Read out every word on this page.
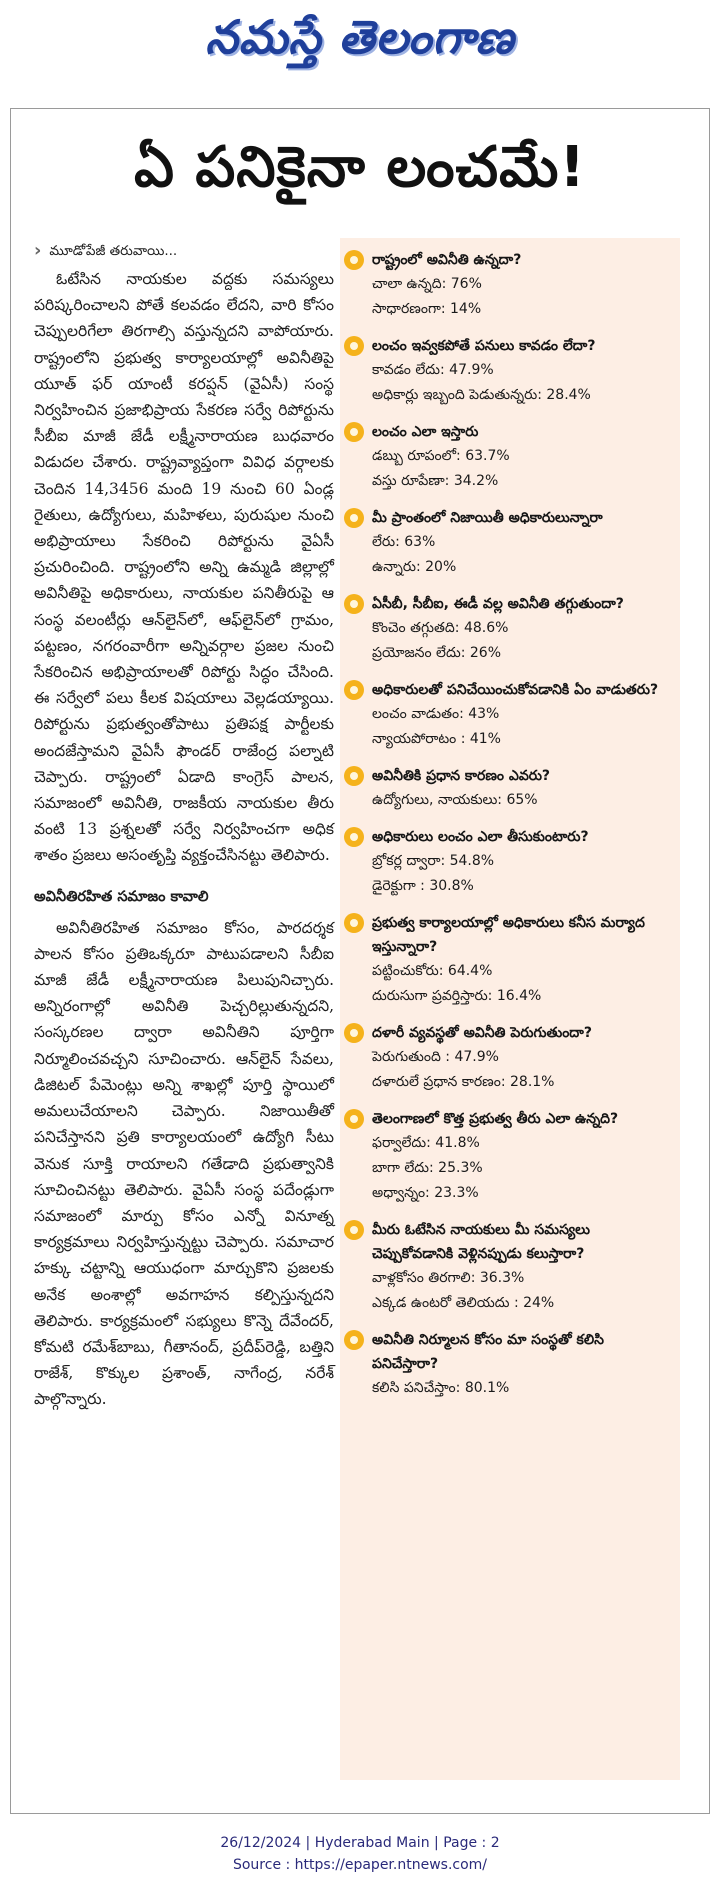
నమస్తే తెలంగాణ
ఏ పనికైనా లంచమే!
› మూడోపేజీ తరువాయి...

ఓటేసిన నాయకుల వద్దకు సమస్యలు పరిష్కరించాలని పోతే కలవడం లేదని, వారి కోసం చెప్పులరిగేలా తిరగాల్సి వస్తున్నదని వాపోయారు. రాష్ట్రంలోని ప్రభుత్వ కార్యాలయాల్లో అవినీతిపై యూత్ ఫర్ యాంటీ కరప్షన్ (వైఏసీ) సంస్థ నిర్వహించిన ప్రజాభిప్రాయ సేకరణ సర్వే రిపోర్టును సీబీఐ మాజీ జేడీ లక్ష్మీనారాయణ బుధవారం విడుదల చేశారు. రాష్ట్రవ్యాప్తంగా వివిధ వర్గాలకు చెందిన 14,3456 మంది 19 నుంచి 60 ఏండ్ల రైతులు, ఉద్యోగులు, మహిళలు, పురుషుల నుంచి అభిప్రాయాలు సేకరించి రిపోర్టును వైఏసీ ప్రచురించింది. రాష్ట్రంలోని అన్ని ఉమ్మడి జిల్లాల్లో అవినీతిపై అధికారులు, నాయకుల పనితీరుపై ఆ సంస్థ వలంటీర్లు ఆన్‌లైన్‌లో, ఆఫ్‌లైన్‌లో గ్రామం, పట్టణం, నగరంవారీగా అన్నివర్గాల ప్రజల నుంచి సేకరించిన అభిప్రాయాలతో రిపోర్టు సిద్ధం చేసింది. ఈ సర్వేలో పలు కీలక విషయాలు వెల్లడయ్యాయి. రిపోర్టును ప్రభుత్వంతోపాటు ప్రతిపక్ష పార్టీలకు అందజేస్తామని వైఏసీ ఫౌండర్ రాజేంద్ర పల్నాటి చెప్పారు. రాష్ట్రంలో ఏడాది కాంగ్రెస్ పాలన, సమాజంలో అవినీతి, రాజకీయ నాయకుల తీరు వంటి 13 ప్రశ్నలతో సర్వే నిర్వహించగా అధిక శాతం ప్రజలు అసంతృప్తి వ్యక్తంచేసినట్టు తెలిపారు.

అవినీతిరహిత సమాజం కావాలి

అవినీతిరహిత సమాజం కోసం, పారదర్శక పాలన కోసం ప్రతిఒక్కరూ పాటుపడాలని సీబీఐ మాజీ జేడీ లక్ష్మీనారాయణ పిలుపునిచ్చారు. అన్నిరంగాల్లో అవినీతి పెచ్చరిల్లుతున్నదని, సంస్కరణల ద్వారా అవినీతిని పూర్తిగా నిర్మూలించవచ్చని సూచించారు. ఆన్‌లైన్ సేవలు, డిజిటల్ పేమెంట్లు అన్ని శాఖల్లో పూర్తి స్థాయిలో అమలుచేయాలని చెప్పారు. నిజాయితీతో పనిచేస్తానని ప్రతి కార్యాలయంలో ఉద్యోగి సీటు వెనుక సూక్తి రాయాలని గతేడాది ప్రభుత్వానికి సూచించినట్టు తెలిపారు. వైఏసీ సంస్థ పదేండ్లుగా సమాజంలో మార్పు కోసం ఎన్నో వినూత్న కార్యక్రమాలు నిర్వహిస్తున్నట్టు చెప్పారు. సమాచార హక్కు చట్టాన్ని ఆయుధంగా మార్చుకొని ప్రజలకు అనేక అంశాల్లో అవగాహన కల్పిస్తున్నదని తెలిపారు. కార్యక్రమంలో సభ్యులు కొన్నె దేవేందర్, కోమటి రమేశ్‌బాబు, గీతానంద్, ప్రదీప్‌రెడ్డి, బత్తిని రాజేశ్, కొక్కుల ప్రశాంత్, నాగేంద్ర, నరేశ్ పాల్గొన్నారు.

రాష్ట్రంలో అవినీతి ఉన్నదా?
చాలా ఉన్నది: 76%
సాధారణంగా: 14%
లంచం ఇవ్వకపోతే పనులు కావడం లేదా?
కావడం లేదు: 47.9%
అధికార్లు ఇబ్బంది పెడుతున్నరు: 28.4%
లంచం ఎలా ఇస్తారు
డబ్బు రూపంలో: 63.7%
వస్తు రూపేణా: 34.2%
మీ ప్రాంతంలో నిజాయితీ అధికారులున్నారా
లేరు: 63%
ఉన్నారు: 20%
ఏసీబీ, సీబీఐ, ఈడీ వల్ల అవినీతి తగ్గుతుందా?
కొంచెం తగ్గుతది: 48.6%
ప్రయోజనం లేదు: 26%
అధికారులతో పనిచేయించుకోవడానికి ఏం వాడుతరు?
లంచం వాడుతం: 43%
న్యాయపోరాటం : 41%
అవినీతికి ప్రధాన కారణం ఎవరు?
ఉద్యోగులు, నాయకులు: 65%
అధికారులు లంచం ఎలా తీసుకుంటారు?
బ్రోకర్ల ద్వారా: 54.8%
డైరెక్టుగా : 30.8%
ప్రభుత్వ కార్యాలయాల్లో అధికారులు కనీస మర్యాద ఇస్తున్నారా?
పట్టించుకోరు: 64.4%
దురుసుగా ప్రవర్తిస్తారు: 16.4%
దళారీ వ్యవస్థతో అవినీతి పెరుగుతుందా?
పెరుగుతుంది : 47.9%
దళారులే ప్రధాన కారణం: 28.1%
తెలంగాణలో కొత్త ప్రభుత్వ తీరు ఎలా ఉన్నది?
ఫర్వాలేదు: 41.8%
బాగా లేదు: 25.3%
అధ్వాన్నం: 23.3%
మీరు ఓటేసిన నాయకులు మీ సమస్యలు చెప్పుకోవడానికి వెళ్లినప్పుడు కలుస్తారా?
వాళ్లకోసం తిరగాలి: 36.3%
ఎక్కడ ఉంటరో తెలియదు : 24%
అవినీతి నిర్మూలన కోసం మా సంస్థతో కలిసి పనిచేస్తారా?
కలిసి పనిచేస్తాం: 80.1%
26/12/2024 | Hyderabad Main | Page : 2
Source : https://epaper.ntnews.com/
